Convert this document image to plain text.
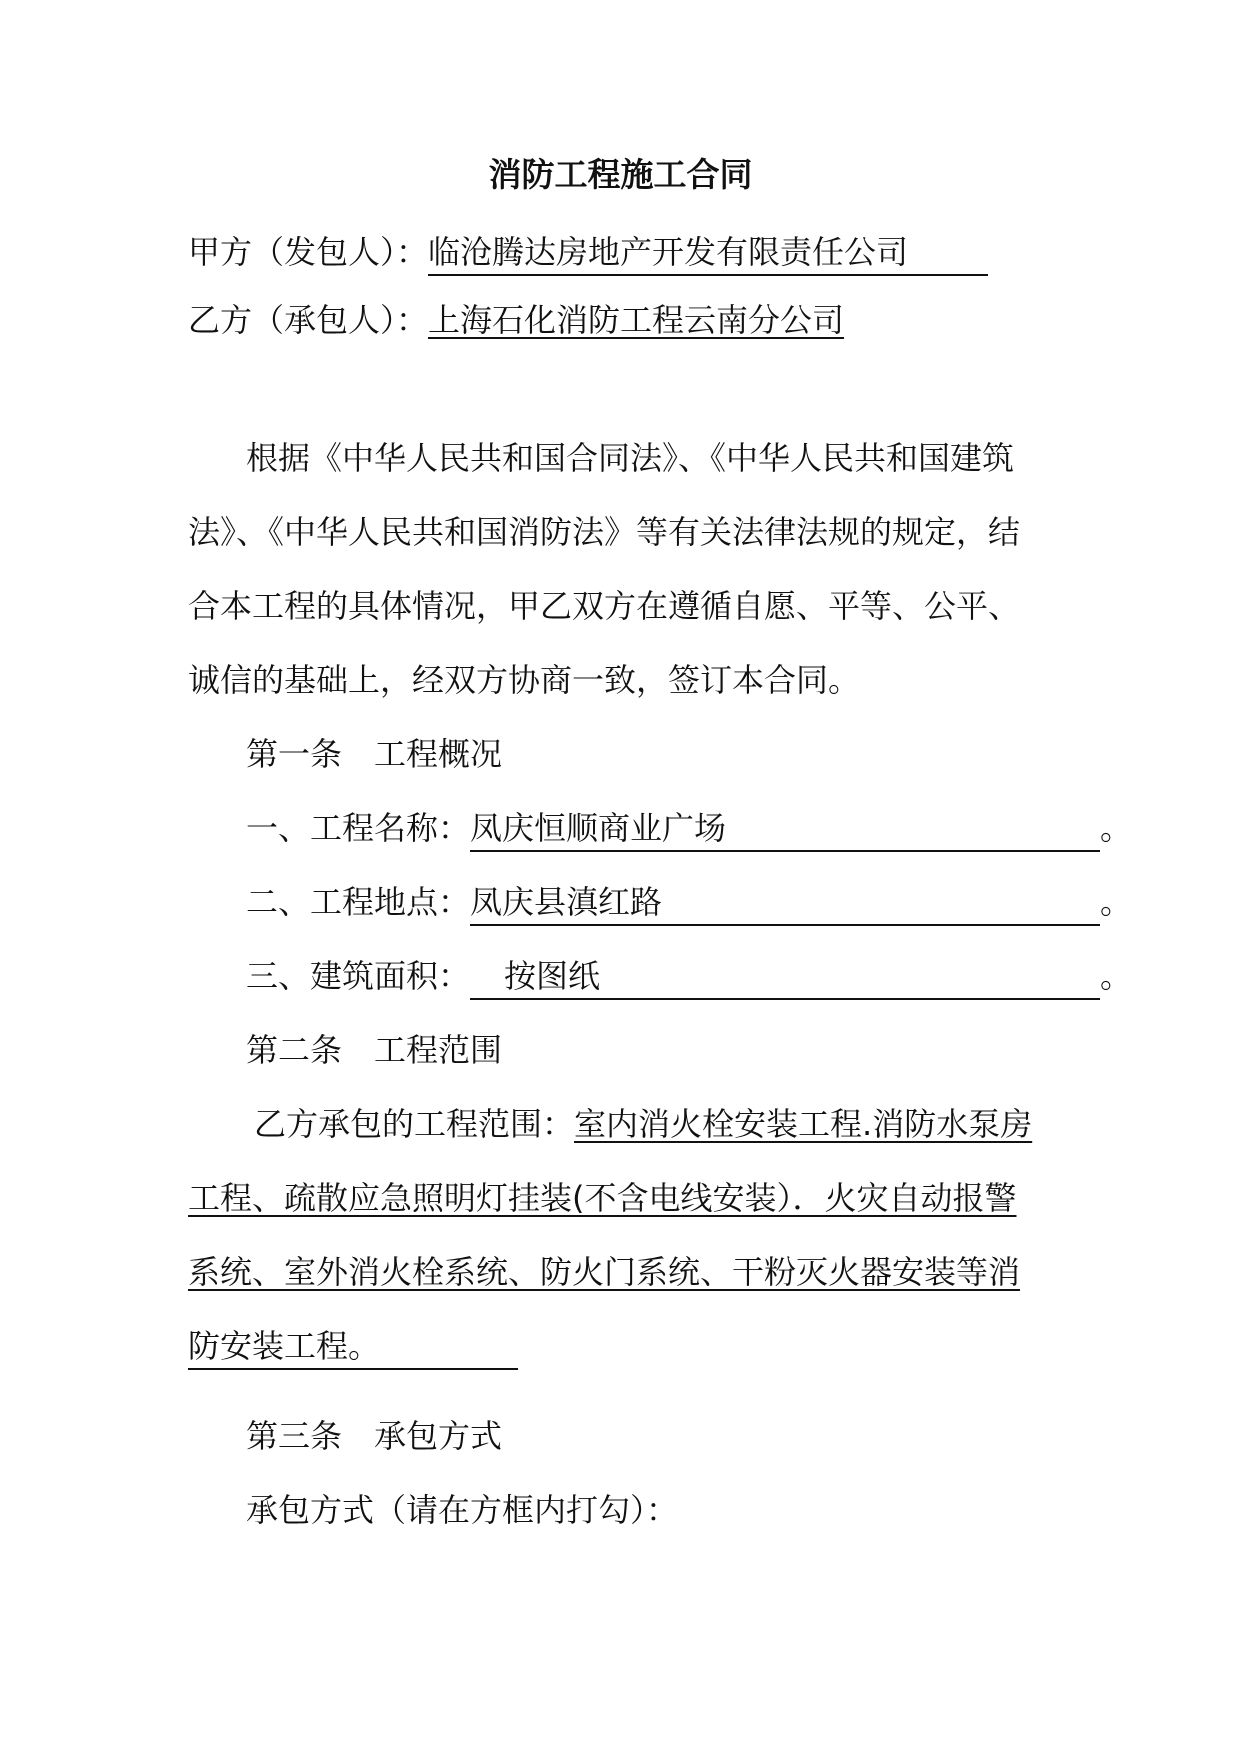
消防工程施工合同
甲方（发包人）：临沧腾达房地产开发有限责任公司
乙方（承包人）：上海石化消防工程云南分公司
根据《中华人民共和国合同法》、《中华人民共和国建筑
法》、《中华人民共和国消防法》等有关法律法规的规定，结
合本工程的具体情况，甲乙双方在遵循自愿、平等、公平、
诚信的基础上，经双方协商一致，签订本合同。
第一条　工程概况
一、工程名称：凤庆恒顺商业广场	。
二、工程地点：凤庆县滇红路	。
三、建筑面积： 按图纸	。
第二条　工程范围
乙方承包的工程范围：室内消火栓安装工程.消防水泵房
工程、疏散应急照明灯挂装(不含电线安装）．火灾自动报警
系统、室外消火栓系统、防火门系统、干粉灭火器安装等消
防安装工程。
第三条　承包方式
承包方式（请在方框内打勾）：
